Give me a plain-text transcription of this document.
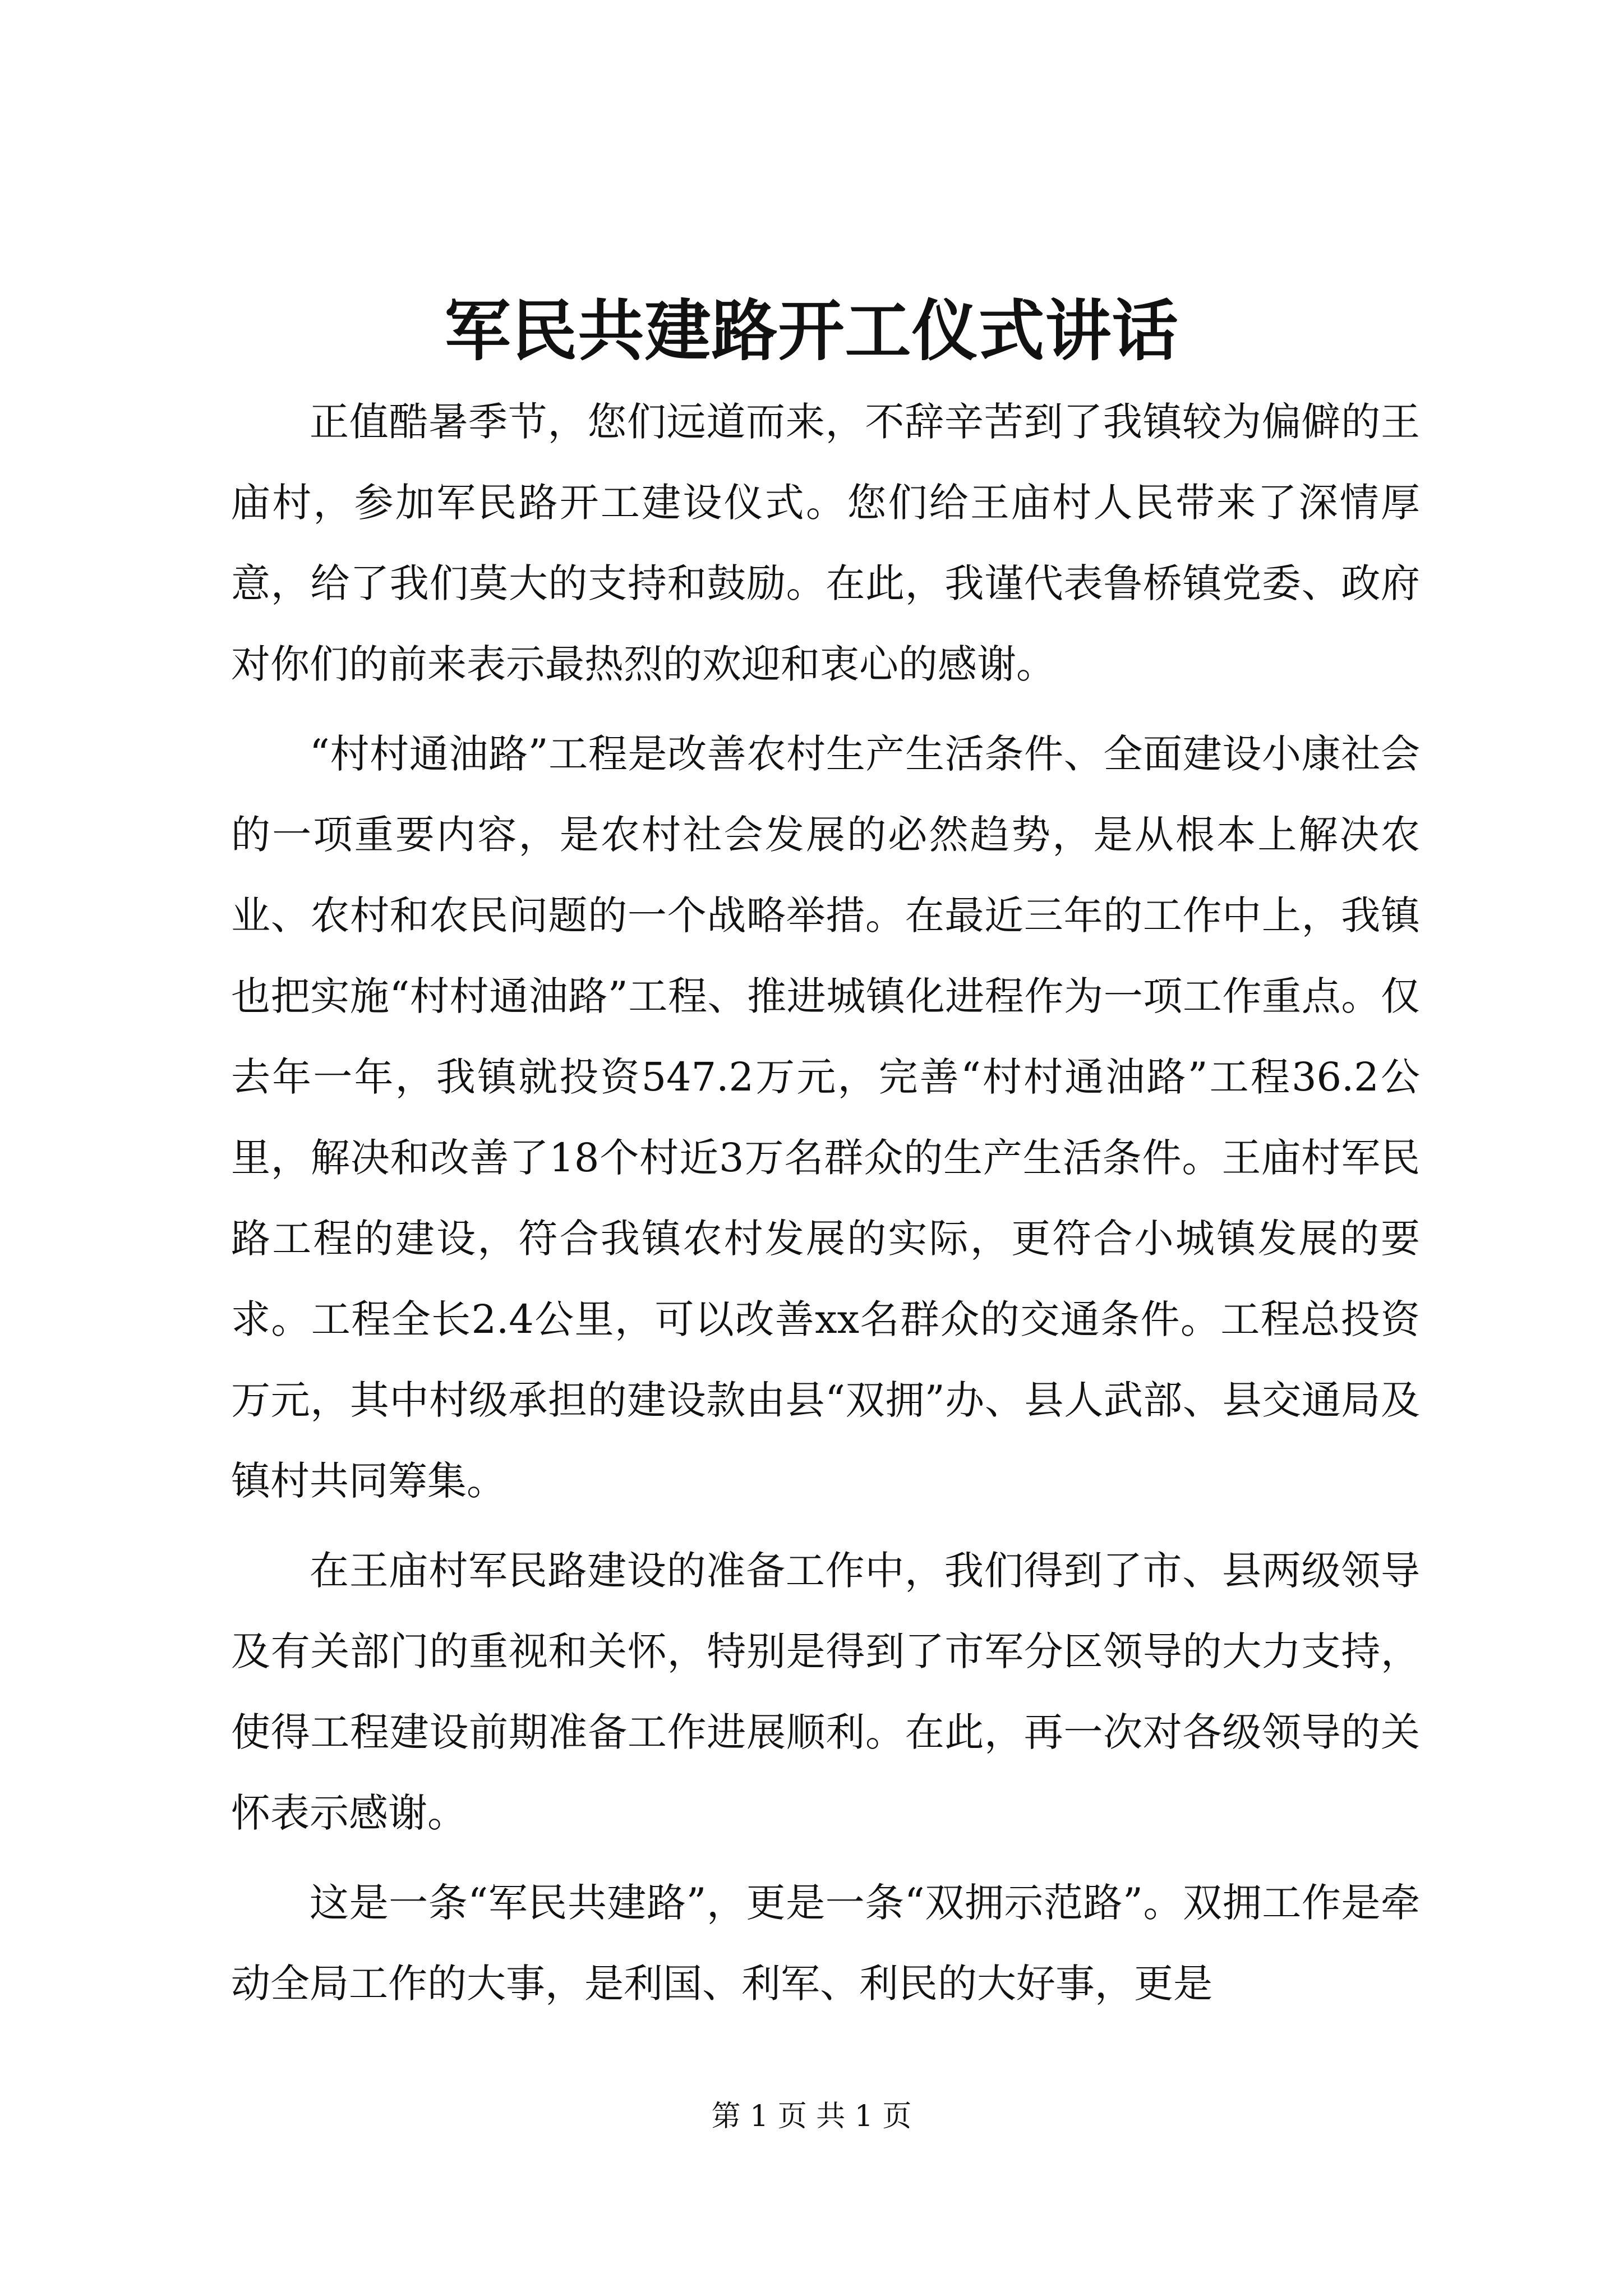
军民共建路开工仪式讲话

正值酷暑季节，您们远道而来，不辞辛苦到了我镇较为偏僻的王庙村，参加军民路开工建设仪式。您们给王庙村人民带来了深情厚意，给了我们莫大的支持和鼓励。在此，我谨代表鲁桥镇党委、政府对你们的前来表示最热烈的欢迎和衷心的感谢。

“村村通油路”工程是改善农村生产生活条件、全面建设小康社会的一项重要内容，是农村社会发展的必然趋势，是从根本上解决农业、农村和农民问题的一个战略举措。在最近三年的工作中上，我镇也把实施“村村通油路”工程、推进城镇化进程作为一项工作重点。仅去年一年，我镇就投资547.2万元，完善“村村通油路”工程36.2公里，解决和改善了18个村近3万名群众的生产生活条件。王庙村军民路工程的建设，符合我镇农村发展的实际，更符合小城镇发展的要求。工程全长2.4公里，可以改善xx名群众的交通条件。工程总投资万元，其中村级承担的建设款由县“双拥”办、县人武部、县交通局及镇村共同筹集。

在王庙村军民路建设的准备工作中，我们得到了市、县两级领导及有关部门的重视和关怀，特别是得到了市军分区领导的大力支持，使得工程建设前期准备工作进展顺利。在此，再一次对各级领导的关怀表示感谢。

这是一条“军民共建路”，更是一条“双拥示范路”。双拥工作是牵动全局工作的大事，是利国、利军、利民的大好事，更是

第 1 页 共 1 页
